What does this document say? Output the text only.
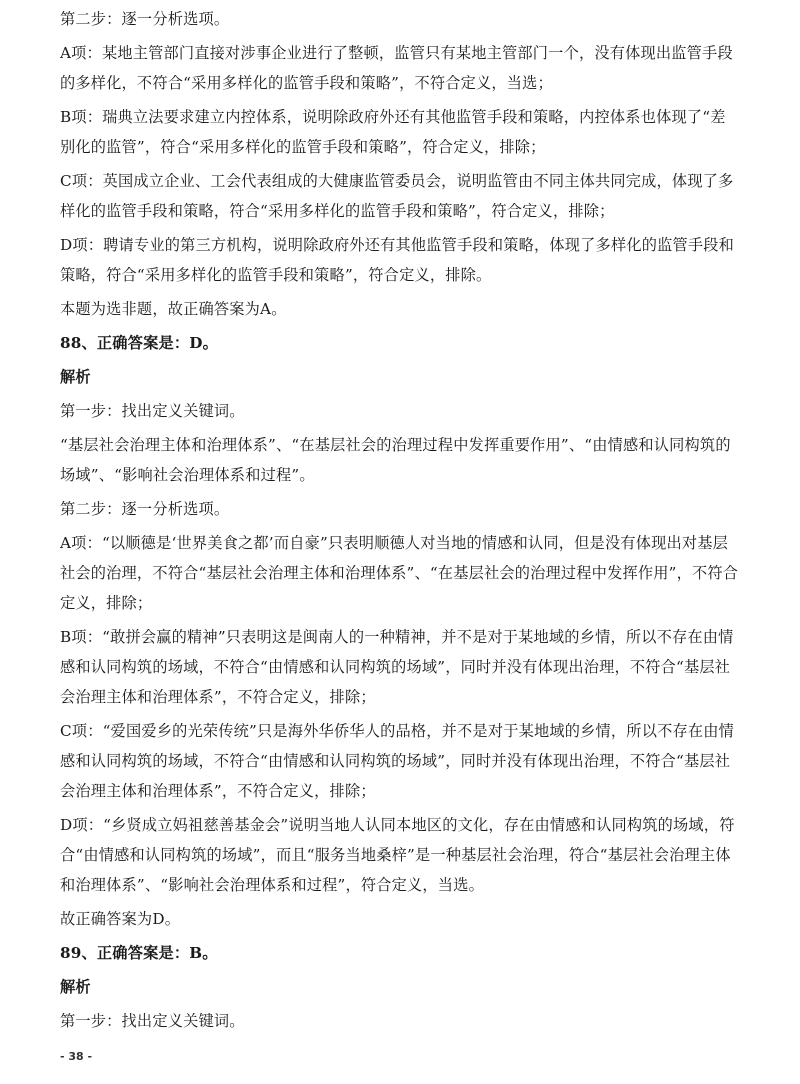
第二步：逐一分析选项。

A项：某地主管部门直接对涉事企业进行了整顿，监管只有某地主管部门一个，没有体现出监管手段的多样化，不符合“采用多样化的监管手段和策略”，不符合定义，当选；

B项：瑞典立法要求建立内控体系，说明除政府外还有其他监管手段和策略，内控体系也体现了“差别化的监管”，符合“采用多样化的监管手段和策略”，符合定义，排除；

C项：英国成立企业、工会代表组成的大健康监管委员会，说明监管由不同主体共同完成，体现了多样化的监管手段和策略，符合“采用多样化的监管手段和策略”，符合定义，排除；

D项：聘请专业的第三方机构，说明除政府外还有其他监管手段和策略，体现了多样化的监管手段和策略，符合“采用多样化的监管手段和策略”，符合定义，排除。

本题为选非题，故正确答案为A。

88、正确答案是：D。

解析

第一步：找出定义关键词。

“基层社会治理主体和治理体系”、“在基层社会的治理过程中发挥重要作用”、“由情感和认同构筑的场域”、“影响社会治理体系和过程”。

第二步：逐一分析选项。

A项：“以顺德是‘世界美食之都’而自豪”只表明顺德人对当地的情感和认同，但是没有体现出对基层社会的治理，不符合“基层社会治理主体和治理体系”、“在基层社会的治理过程中发挥作用”，不符合定义，排除；

B项：“敢拼会赢的精神”只表明这是闽南人的一种精神，并不是对于某地域的乡情，所以不存在由情感和认同构筑的场域，不符合“由情感和认同构筑的场域”，同时并没有体现出治理，不符合“基层社会治理主体和治理体系”，不符合定义，排除；

C项：“爱国爱乡的光荣传统”只是海外华侨华人的品格，并不是对于某地域的乡情，所以不存在由情感和认同构筑的场域，不符合“由情感和认同构筑的场域”，同时并没有体现出治理，不符合“基层社会治理主体和治理体系”，不符合定义，排除；

D项：“乡贤成立妈祖慈善基金会”说明当地人认同本地区的文化，存在由情感和认同构筑的场域，符合“由情感和认同构筑的场域”，而且“服务当地桑梓”是一种基层社会治理，符合“基层社会治理主体和治理体系”、“影响社会治理体系和过程”，符合定义，当选。

故正确答案为D。

89、正确答案是：B。

解析

第一步：找出定义关键词。

- 38 -
